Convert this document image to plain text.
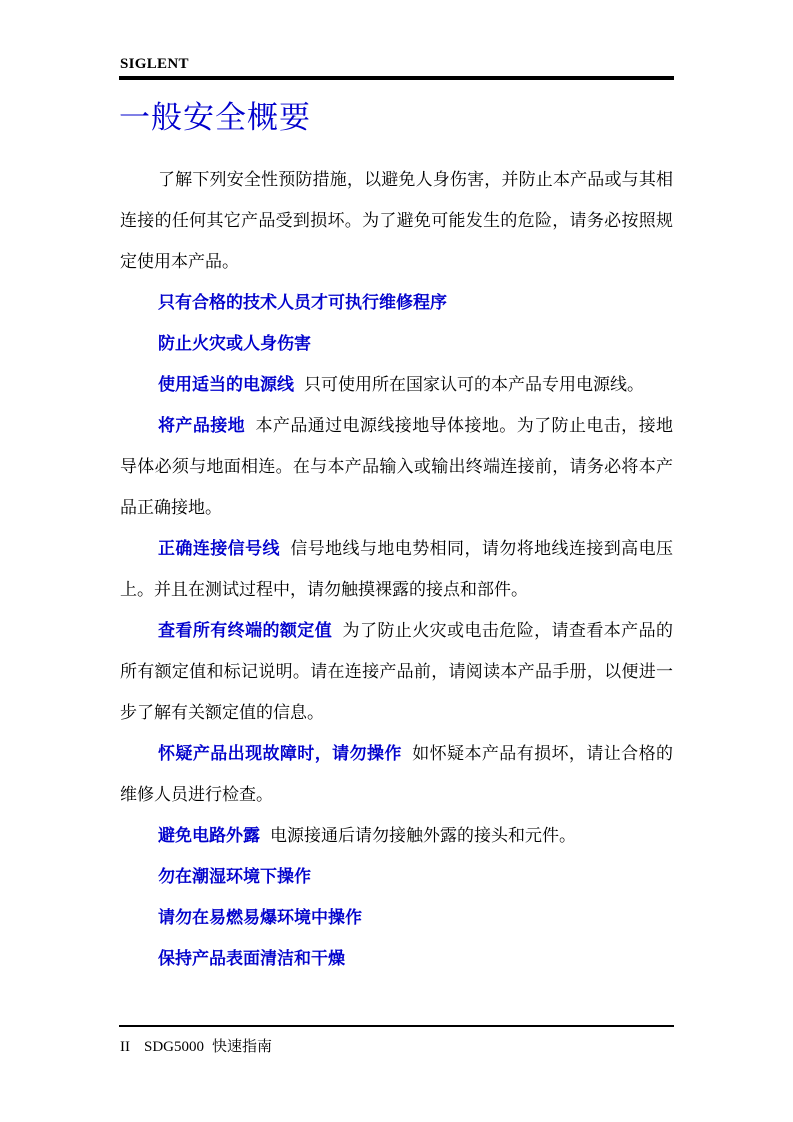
SIGLENT
一般安全概要

了解下列安全性预防措施，以避免人身伤害，并防止本产品或与其相连接的任何其它产品受到损坏。为了避免可能发生的危险，请务必按照规定使用本产品。

只有合格的技术人员才可执行维修程序

防止火灾或人身伤害

使用适当的电源线 只可使用所在国家认可的本产品专用电源线。

将产品接地 本产品通过电源线接地导体接地。为了防止电击，接地导体必须与地面相连。在与本产品输入或输出终端连接前，请务必将本产品正确接地。

正确连接信号线 信号地线与地电势相同，请勿将地线连接到高电压上。并且在测试过程中，请勿触摸裸露的接点和部件。

查看所有终端的额定值 为了防止火灾或电击危险，请查看本产品的所有额定值和标记说明。请在连接产品前，请阅读本产品手册，以便进一步了解有关额定值的信息。

怀疑产品出现故障时，请勿操作 如怀疑本产品有损坏，请让合格的维修人员进行检查。

避免电路外露 电源接通后请勿接触外露的接头和元件。

勿在潮湿环境下操作

请勿在易燃易爆环境中操作

保持产品表面清洁和干燥

II SDG5000 快速指南
